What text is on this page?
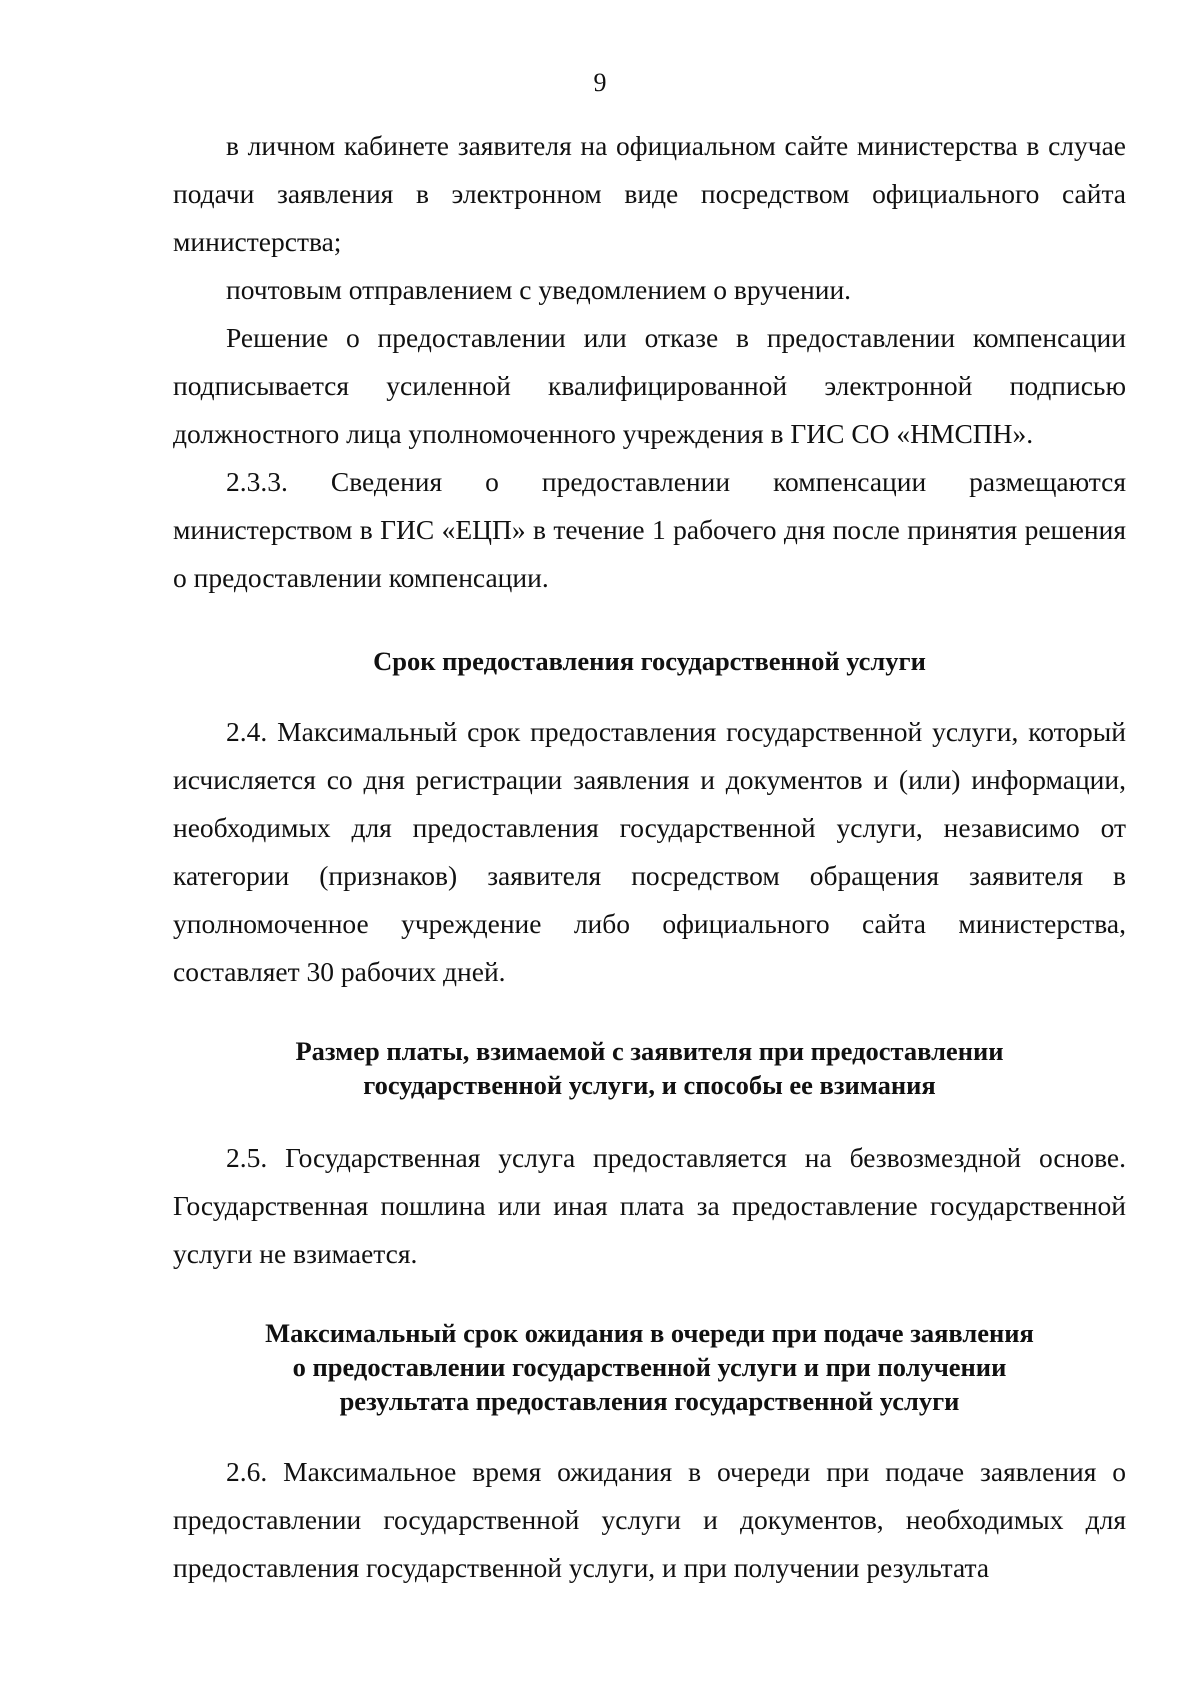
9

в личном кабинете заявителя на официальном сайте министерства в случае подачи заявления в электронном виде посредством официального сайта министерства;

почтовым отправлением с уведомлением о вручении.

Решение о предоставлении или отказе в предоставлении компенсации подписывается усиленной квалифицированной электронной подписью должностного лица уполномоченного учреждения в ГИС СО «НМСПН».

2.3.3. Сведения о предоставлении компенсации размещаются министерством в ГИС «ЕЦП» в течение 1 рабочего дня после принятия решения о предоставлении компенсации.

Срок предоставления государственной услуги

2.4. Максимальный срок предоставления государственной услуги, который исчисляется со дня регистрации заявления и документов и (или) информации, необходимых для предоставления государственной услуги, независимо от категории (признаков) заявителя посредством обращения заявителя в уполномоченное учреждение либо официального сайта министерства, составляет 30 рабочих дней.

Размер платы, взимаемой с заявителя при предоставлении
государственной услуги, и способы ее взимания

2.5. Государственная услуга предоставляется на безвозмездной основе. Государственная пошлина или иная плата за предоставление государственной услуги не взимается.

Максимальный срок ожидания в очереди при подаче заявления
о предоставлении государственной услуги и при получении
результата предоставления государственной услуги

2.6. Максимальное время ожидания в очереди при подаче заявления о предоставлении государственной услуги и документов, необходимых для предоставления государственной услуги, и при получении результата
